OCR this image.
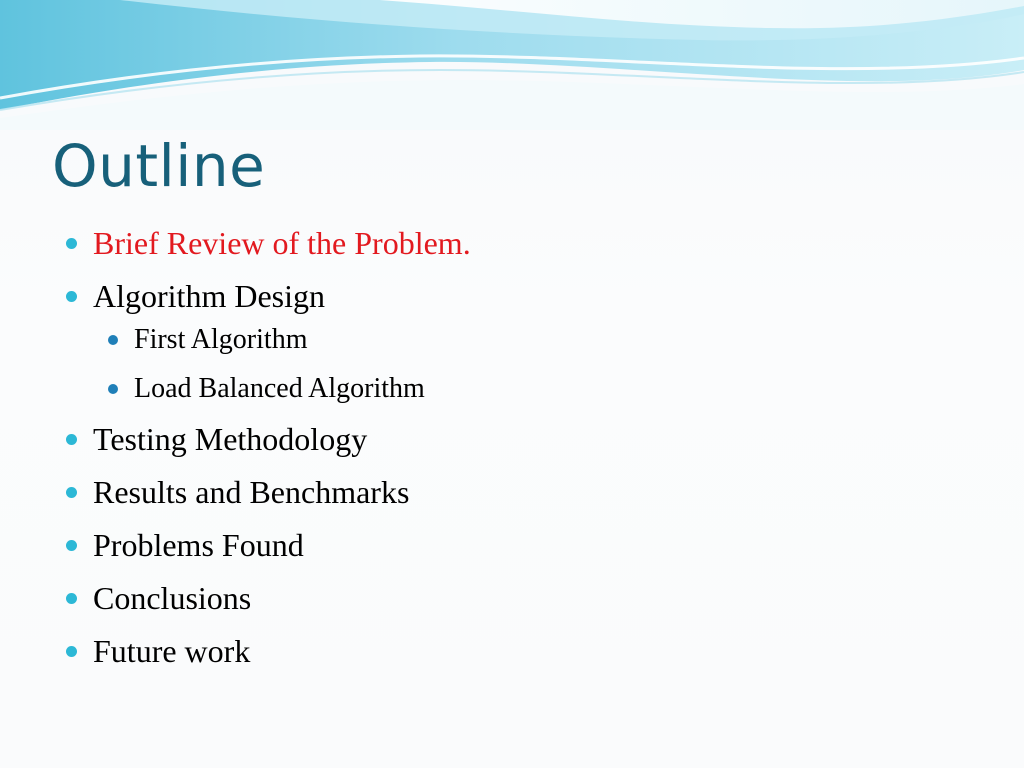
Outline
Brief Review of the Problem.
Algorithm Design
First Algorithm
Load Balanced Algorithm
Testing Methodology
Results and Benchmarks
Problems Found
Conclusions
Future work
